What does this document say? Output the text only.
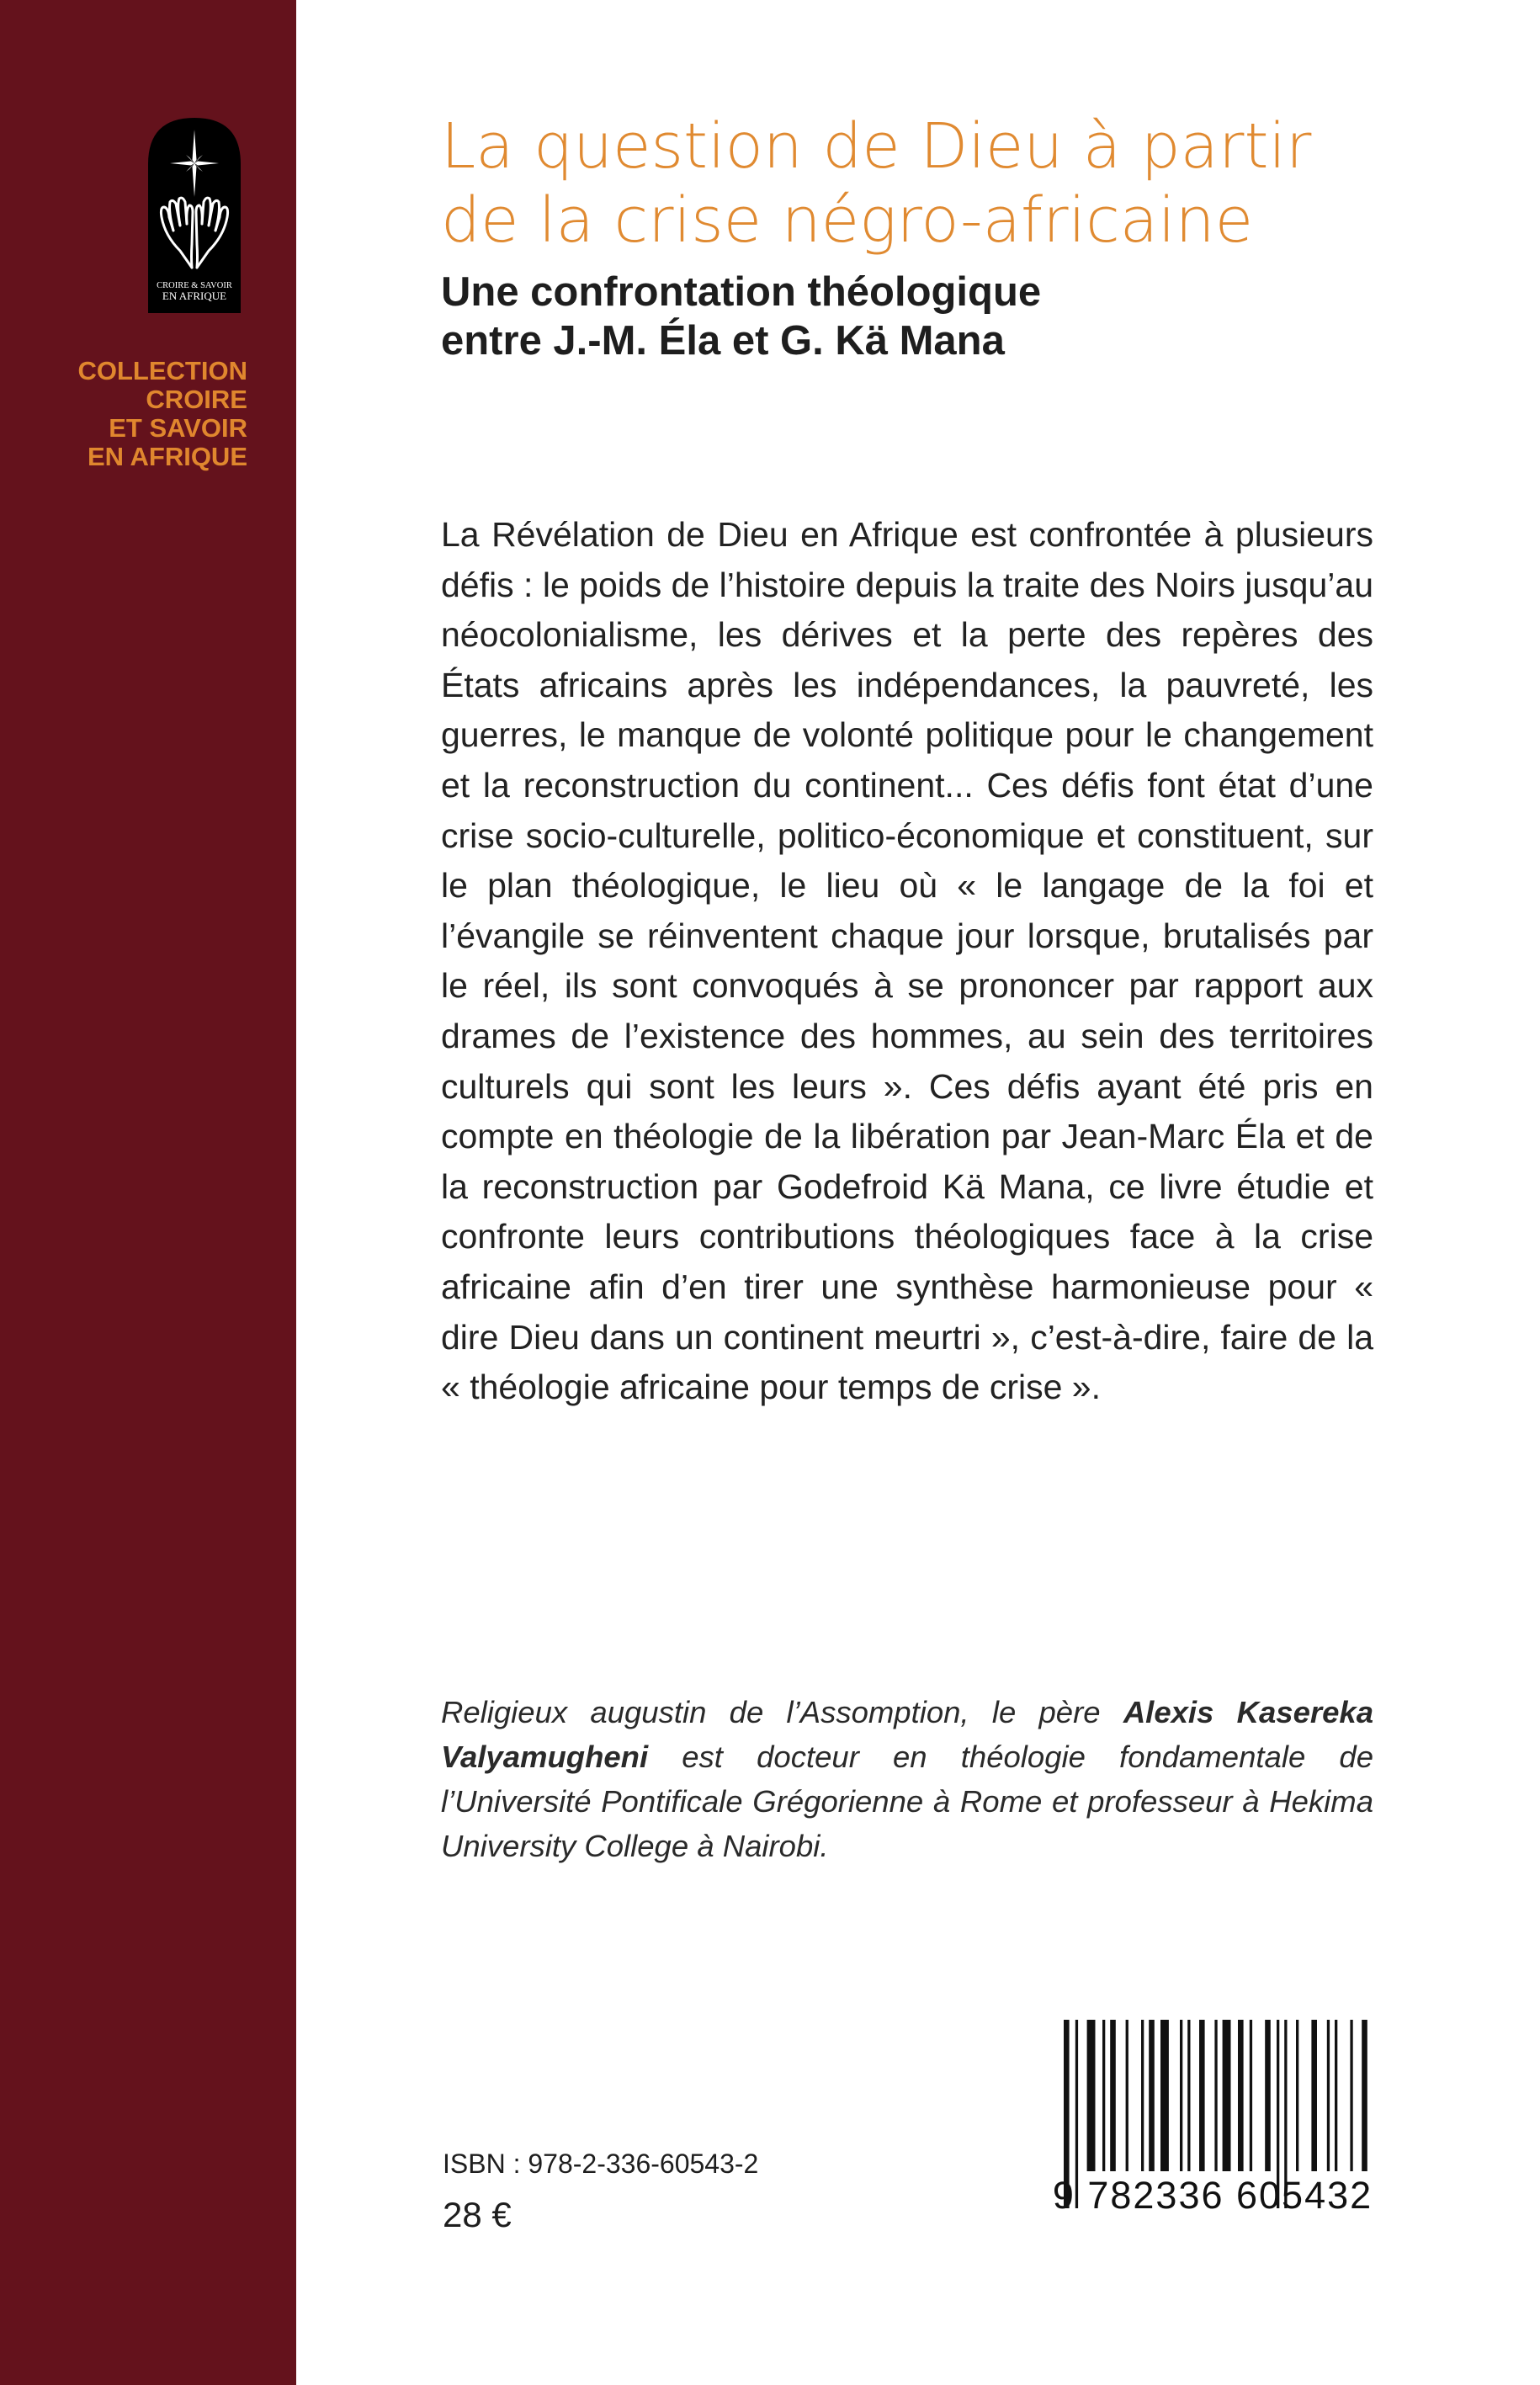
CROIRE & SAVOIR
EN AFRIQUE
COLLECTION
CROIRE
ET SAVOIR
EN AFRIQUE
La question de Dieu à partir
de la crise négro-africaine
Une confrontation théologique
entre J.-M. Éla et G. Kä Mana

La Révélation de Dieu en Afrique est confrontée à plusieurs défis : le poids de l’histoire depuis la traite des Noirs jusqu’au néocolonialisme, les dérives et la perte des repères des États africains après les indépendances, la pauvreté, les guerres, le manque de volonté politique pour le changement et la reconstruction du continent... Ces défis font état d’une crise socio-culturelle, politico-économique et constituent, sur le plan théologique, le lieu où « le langage de la foi et l’évangile se réinventent chaque jour lorsque, brutalisés par le réel, ils sont convoqués à se prononcer par rapport aux drames de l’existence des hommes, au sein des territoires culturels qui sont les leurs ». Ces défis ayant été pris en compte en théologie de la libération par Jean-Marc Éla et de la reconstruction par Godefroid Kä Mana, ce livre étudie et confronte leurs contributions théologiques face à la crise africaine afin d’en tirer une synthèse harmonieuse pour « dire Dieu dans un continent meurtri », c’est-à-dire, faire de la « théologie africaine pour temps de crise ».

Religieux augustin de l’Assomption, le père Alexis Kasereka Valyamugheni est docteur en théologie fondamentale de l’Université Pontificale Grégorienne à Rome et professeur à Hekima University College à Nairobi.

ISBN : 978-2-336-60543-2

28 €	9 782336 605432
